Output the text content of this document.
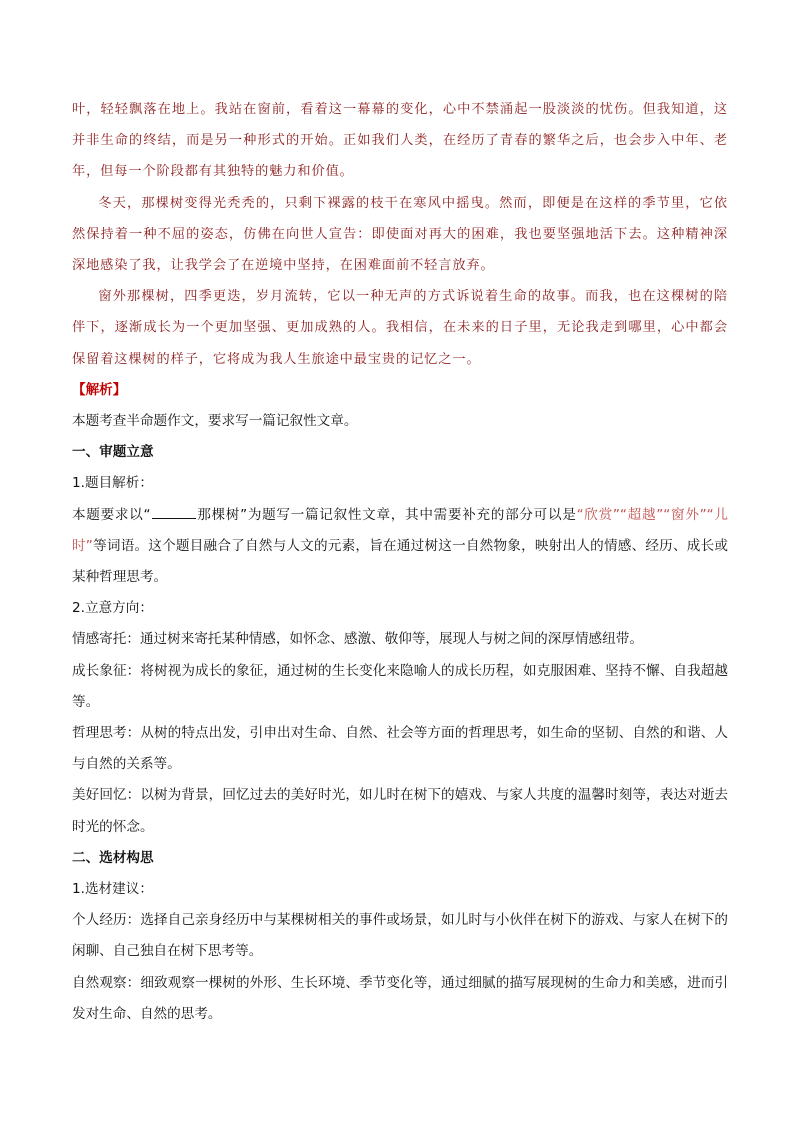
叶，轻轻飘落在地上。我站在窗前，看着这一幕幕的变化，心中不禁涌起一股淡淡的忧伤。但我知道，这并非生命的终结，而是另一种形式的开始。正如我们人类，在经历了青春的繁华之后，也会步入中年、老年，但每一个阶段都有其独特的魅力和价值。

冬天，那棵树变得光秃秃的，只剩下裸露的枝干在寒风中摇曳。然而，即便是在这样的季节里，它依然保持着一种不屈的姿态，仿佛在向世人宣告：即使面对再大的困难，我也要坚强地活下去。这种精神深深地感染了我，让我学会了在逆境中坚持，在困难面前不轻言放弃。

窗外那棵树，四季更迭，岁月流转，它以一种无声的方式诉说着生命的故事。而我，也在这棵树的陪伴下，逐渐成长为一个更加坚强、更加成熟的人。我相信，在未来的日子里，无论我走到哪里，心中都会保留着这棵树的样子，它将成为我人生旅途中最宝贵的记忆之一。

【解析】

本题考查半命题作文，要求写一篇记叙性文章。

一、审题立意

1.题目解析：

本题要求以“	那棵树”为题写一篇记叙性文章，其中需要补充的部分可以是“欣赏”“超越”“窗外”“儿时”等词语。这个题目融合了自然与人文的元素，旨在通过树这一自然物象，映射出人的情感、经历、成长或某种哲理思考。

2.立意方向：

情感寄托：通过树来寄托某种情感，如怀念、感激、敬仰等，展现人与树之间的深厚情感纽带。

成长象征：将树视为成长的象征，通过树的生长变化来隐喻人的成长历程，如克服困难、坚持不懈、自我超越等。

哲理思考：从树的特点出发，引申出对生命、自然、社会等方面的哲理思考，如生命的坚韧、自然的和谐、人与自然的关系等。

美好回忆：以树为背景，回忆过去的美好时光，如儿时在树下的嬉戏、与家人共度的温馨时刻等，表达对逝去时光的怀念。

二、选材构思

1.选材建议：

个人经历：选择自己亲身经历中与某棵树相关的事件或场景，如儿时与小伙伴在树下的游戏、与家人在树下的闲聊、自己独自在树下思考等。

自然观察：细致观察一棵树的外形、生长环境、季节变化等，通过细腻的描写展现树的生命力和美感，进而引发对生命、自然的思考。
